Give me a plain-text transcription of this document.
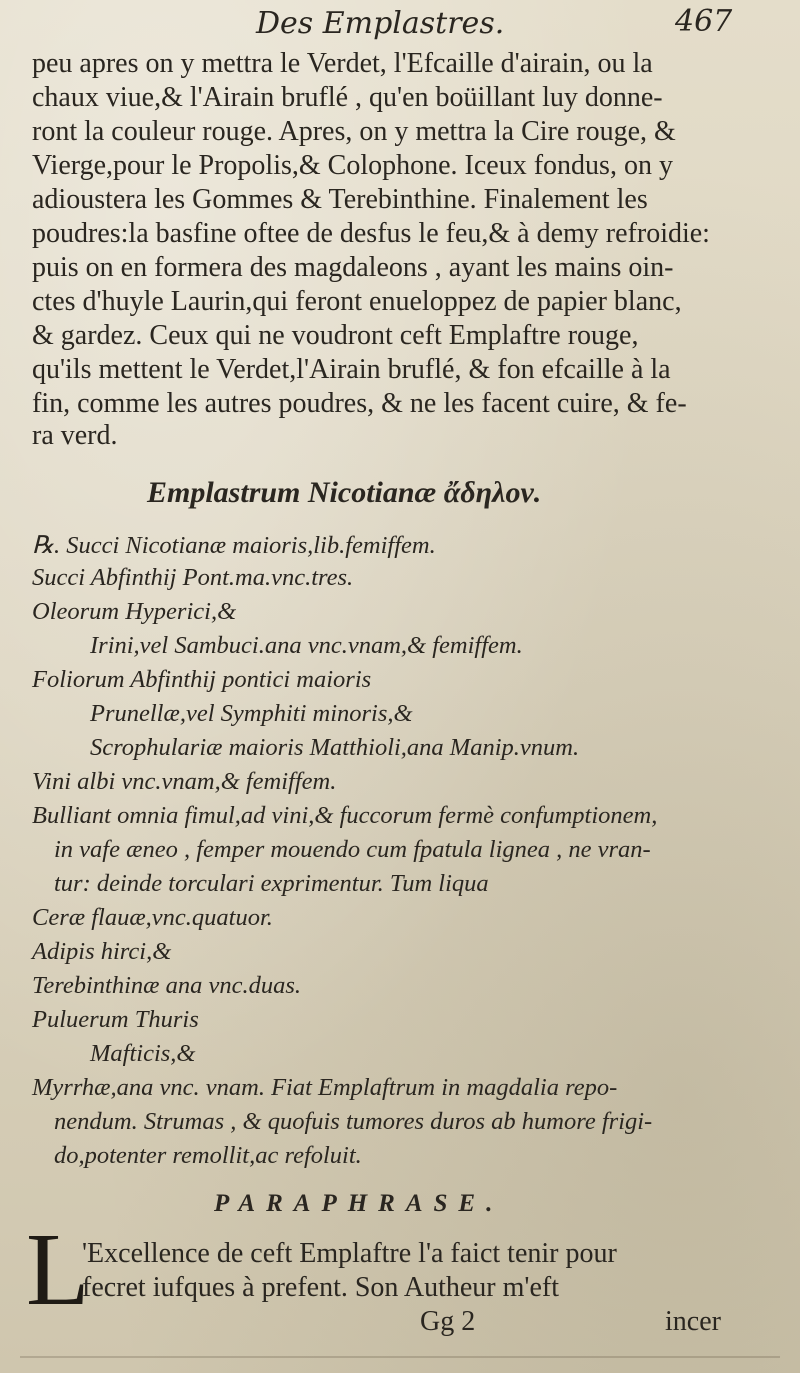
Des Emplastres.	467
peu apres on y mettra le Verdet, l'Efcaille d'airain, ou la
chaux viue,& l'Airain bruflé , qu'en boüillant luy donne-
ront la couleur rouge. Apres, on y mettra la Cire rouge, &
Vierge,pour le Propolis,& Colophone. Iceux fondus, on y
adioustera les Gommes & Terebinthine. Finalement les
poudres:la basfine oftee de desfus le feu,& à demy refroidie:
puis on en formera des magdaleons , ayant les mains oin-
ctes d'huyle Laurin,qui feront enueloppez de papier blanc,
& gardez. Ceux qui ne voudront ceft Emplaftre rouge,
qu'ils mettent le Verdet,l'Airain bruflé, & fon efcaille à la
fin, comme les autres poudres, & ne les facent cuire, & fe-
ra verd.
Emplastrum Nicotianæ ἄδηλον.
℞. Succi Nicotianæ maioris,lib.femiffem.
Succi Abfinthij Pont.ma.vnc.tres.
Oleorum Hyperici,&
Irini,vel Sambuci.ana vnc.vnam,& femiffem.
Foliorum Abfinthij pontici maioris
Prunellæ,vel Symphiti minoris,&
Scrophulariæ maioris Matthioli,ana Manip.vnum.
Vini albi vnc.vnam,& femiffem.
Bulliant omnia fimul,ad vini,& fuccorum fermè confumptionem,
in vafe æneo , femper mouendo cum fpatula lignea , ne vran-
tur: deinde torculari exprimentur. Tum liqua
Ceræ flauæ,vnc.quatuor.
Adipis hirci,&
Terebinthinæ ana vnc.duas.
Puluerum Thuris
Mafticis,&
Myrrhæ,ana vnc. vnam. Fiat Emplaftrum in magdalia repo-
nendum. Strumas , & quofuis tumores duros ab humore frigi-
do,potenter remollit,ac refoluit.
PARAPHRASE.
L
'Excellence de ceft Emplaftre l'a faict tenir pour
fecret iufques à prefent. Son Autheur m'eft
Gg 2	incer
